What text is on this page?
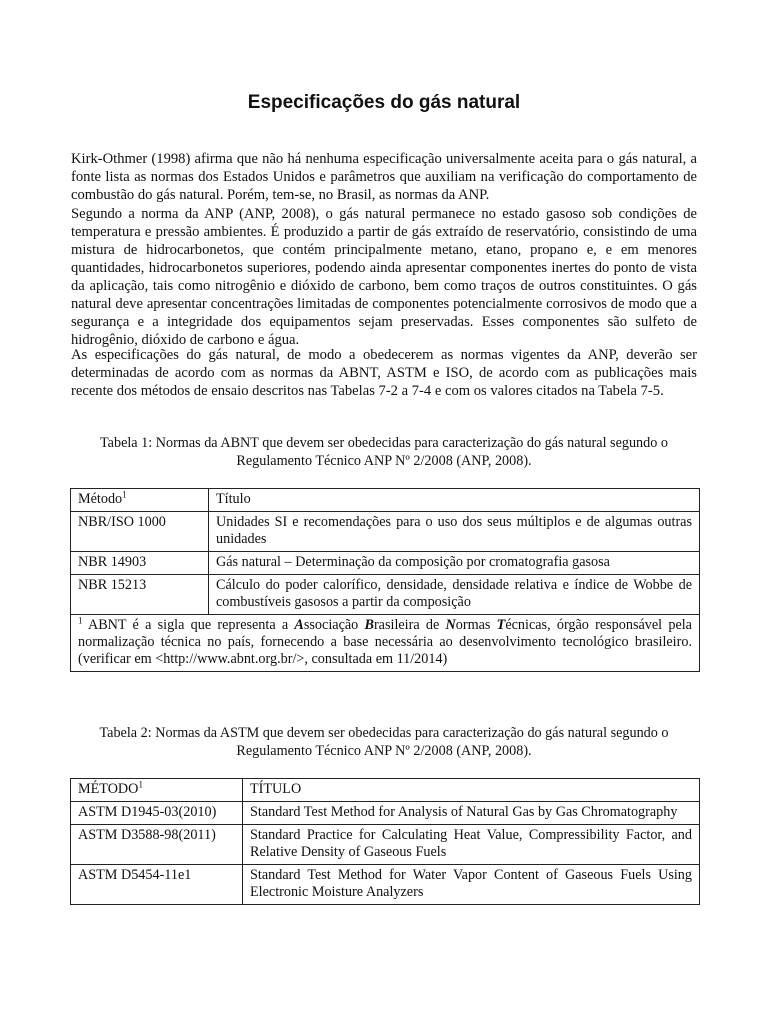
Especificações do gás natural

Kirk-Othmer (1998) afirma que não há nenhuma especificação universalmente aceita para o gás natural, a fonte lista as normas dos Estados Unidos e parâmetros que auxiliam na verificação do comportamento de combustão do gás natural. Porém, tem-se, no Brasil, as normas da ANP.

Segundo a norma da ANP (ANP, 2008), o gás natural permanece no estado gasoso sob condições de temperatura e pressão ambientes. É produzido a partir de gás extraído de reservatório, consistindo de uma mistura de hidrocarbonetos, que contém principalmente metano, etano, propano e, e em menores quantidades, hidrocarbonetos superiores, podendo ainda apresentar componentes inertes do ponto de vista da aplicação, tais como nitrogênio e dióxido de carbono, bem como traços de outros constituintes. O gás natural deve apresentar concentrações limitadas de componentes potencialmente corrosivos de modo que a segurança e a integridade dos equipamentos sejam preservadas. Esses componentes são sulfeto de hidrogênio, dióxido de carbono e água.

As especificações do gás natural, de modo a obedecerem as normas vigentes da ANP, deverão ser determinadas de acordo com as normas da ABNT, ASTM e ISO, de acordo com as publicações mais recente dos métodos de ensaio descritos nas Tabelas 7-2 a 7-4 e com os valores citados na Tabela 7-5.

Tabela 1: Normas da ABNT que devem ser obedecidas para caracterização do gás natural segundo o Regulamento Técnico ANP Nº 2/2008 (ANP, 2008).

Método$^1$	Título
NBR/ISO 1000	Unidades SI e recomendações para o uso dos seus múltiplos e de algumas outras unidades
NBR 14903	Gás natural – Determinação da composição por cromatografia gasosa
NBR 15213	Cálculo do poder calorífico, densidade, densidade relativa e índice de Wobbe de combustíveis gasosos a partir da composição
$^1$ ABNT é a sigla que representa a Associação Brasileira de Normas Técnicas, órgão responsável pela normalização técnica no país, fornecendo a base necessária ao desenvolvimento tecnológico brasileiro. (verificar em <http://www.abnt.org.br/>, consultada em 11/2014)	

Tabela 2: Normas da ASTM que devem ser obedecidas para caracterização do gás natural segundo o Regulamento Técnico ANP Nº 2/2008 (ANP, 2008).

MÉTODO$^1$	TÍTULO
ASTM D1945-03(2010)	Standard Test Method for Analysis of Natural Gas by Gas Chromatography
ASTM D3588-98(2011)	Standard Practice for Calculating Heat Value, Compressibility Factor, and Relative Density of Gaseous Fuels
ASTM D5454-11e1	Standard Test Method for Water Vapor Content of Gaseous Fuels Using Electronic Moisture Analyzers
